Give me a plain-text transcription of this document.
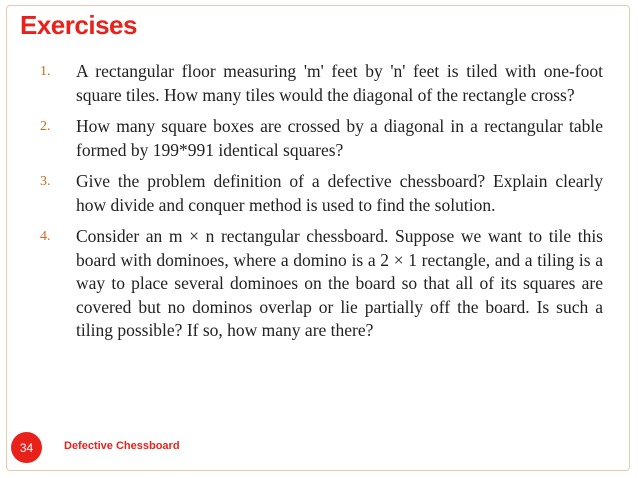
Exercises
1. A rectangular floor measuring 'm' feet by 'n' feet is tiled with one-foot square tiles. How many tiles would the diagonal of the rectangle cross?
2. How many square boxes are crossed by a diagonal in a rectangular table formed by 199*991 identical squares?
3. Give the problem definition of a defective chessboard? Explain clearly how divide and conquer method is used to find the solution.
4. Consider an m × n rectangular chessboard. Suppose we want to tile this board with dominoes, where a domino is a 2 × 1 rectangle, and a tiling is a way to place several dominoes on the board so that all of its squares are covered but no dominos overlap or lie partially off the board. Is such a tiling possible? If so, how many are there?
34	Defective Chessboard
